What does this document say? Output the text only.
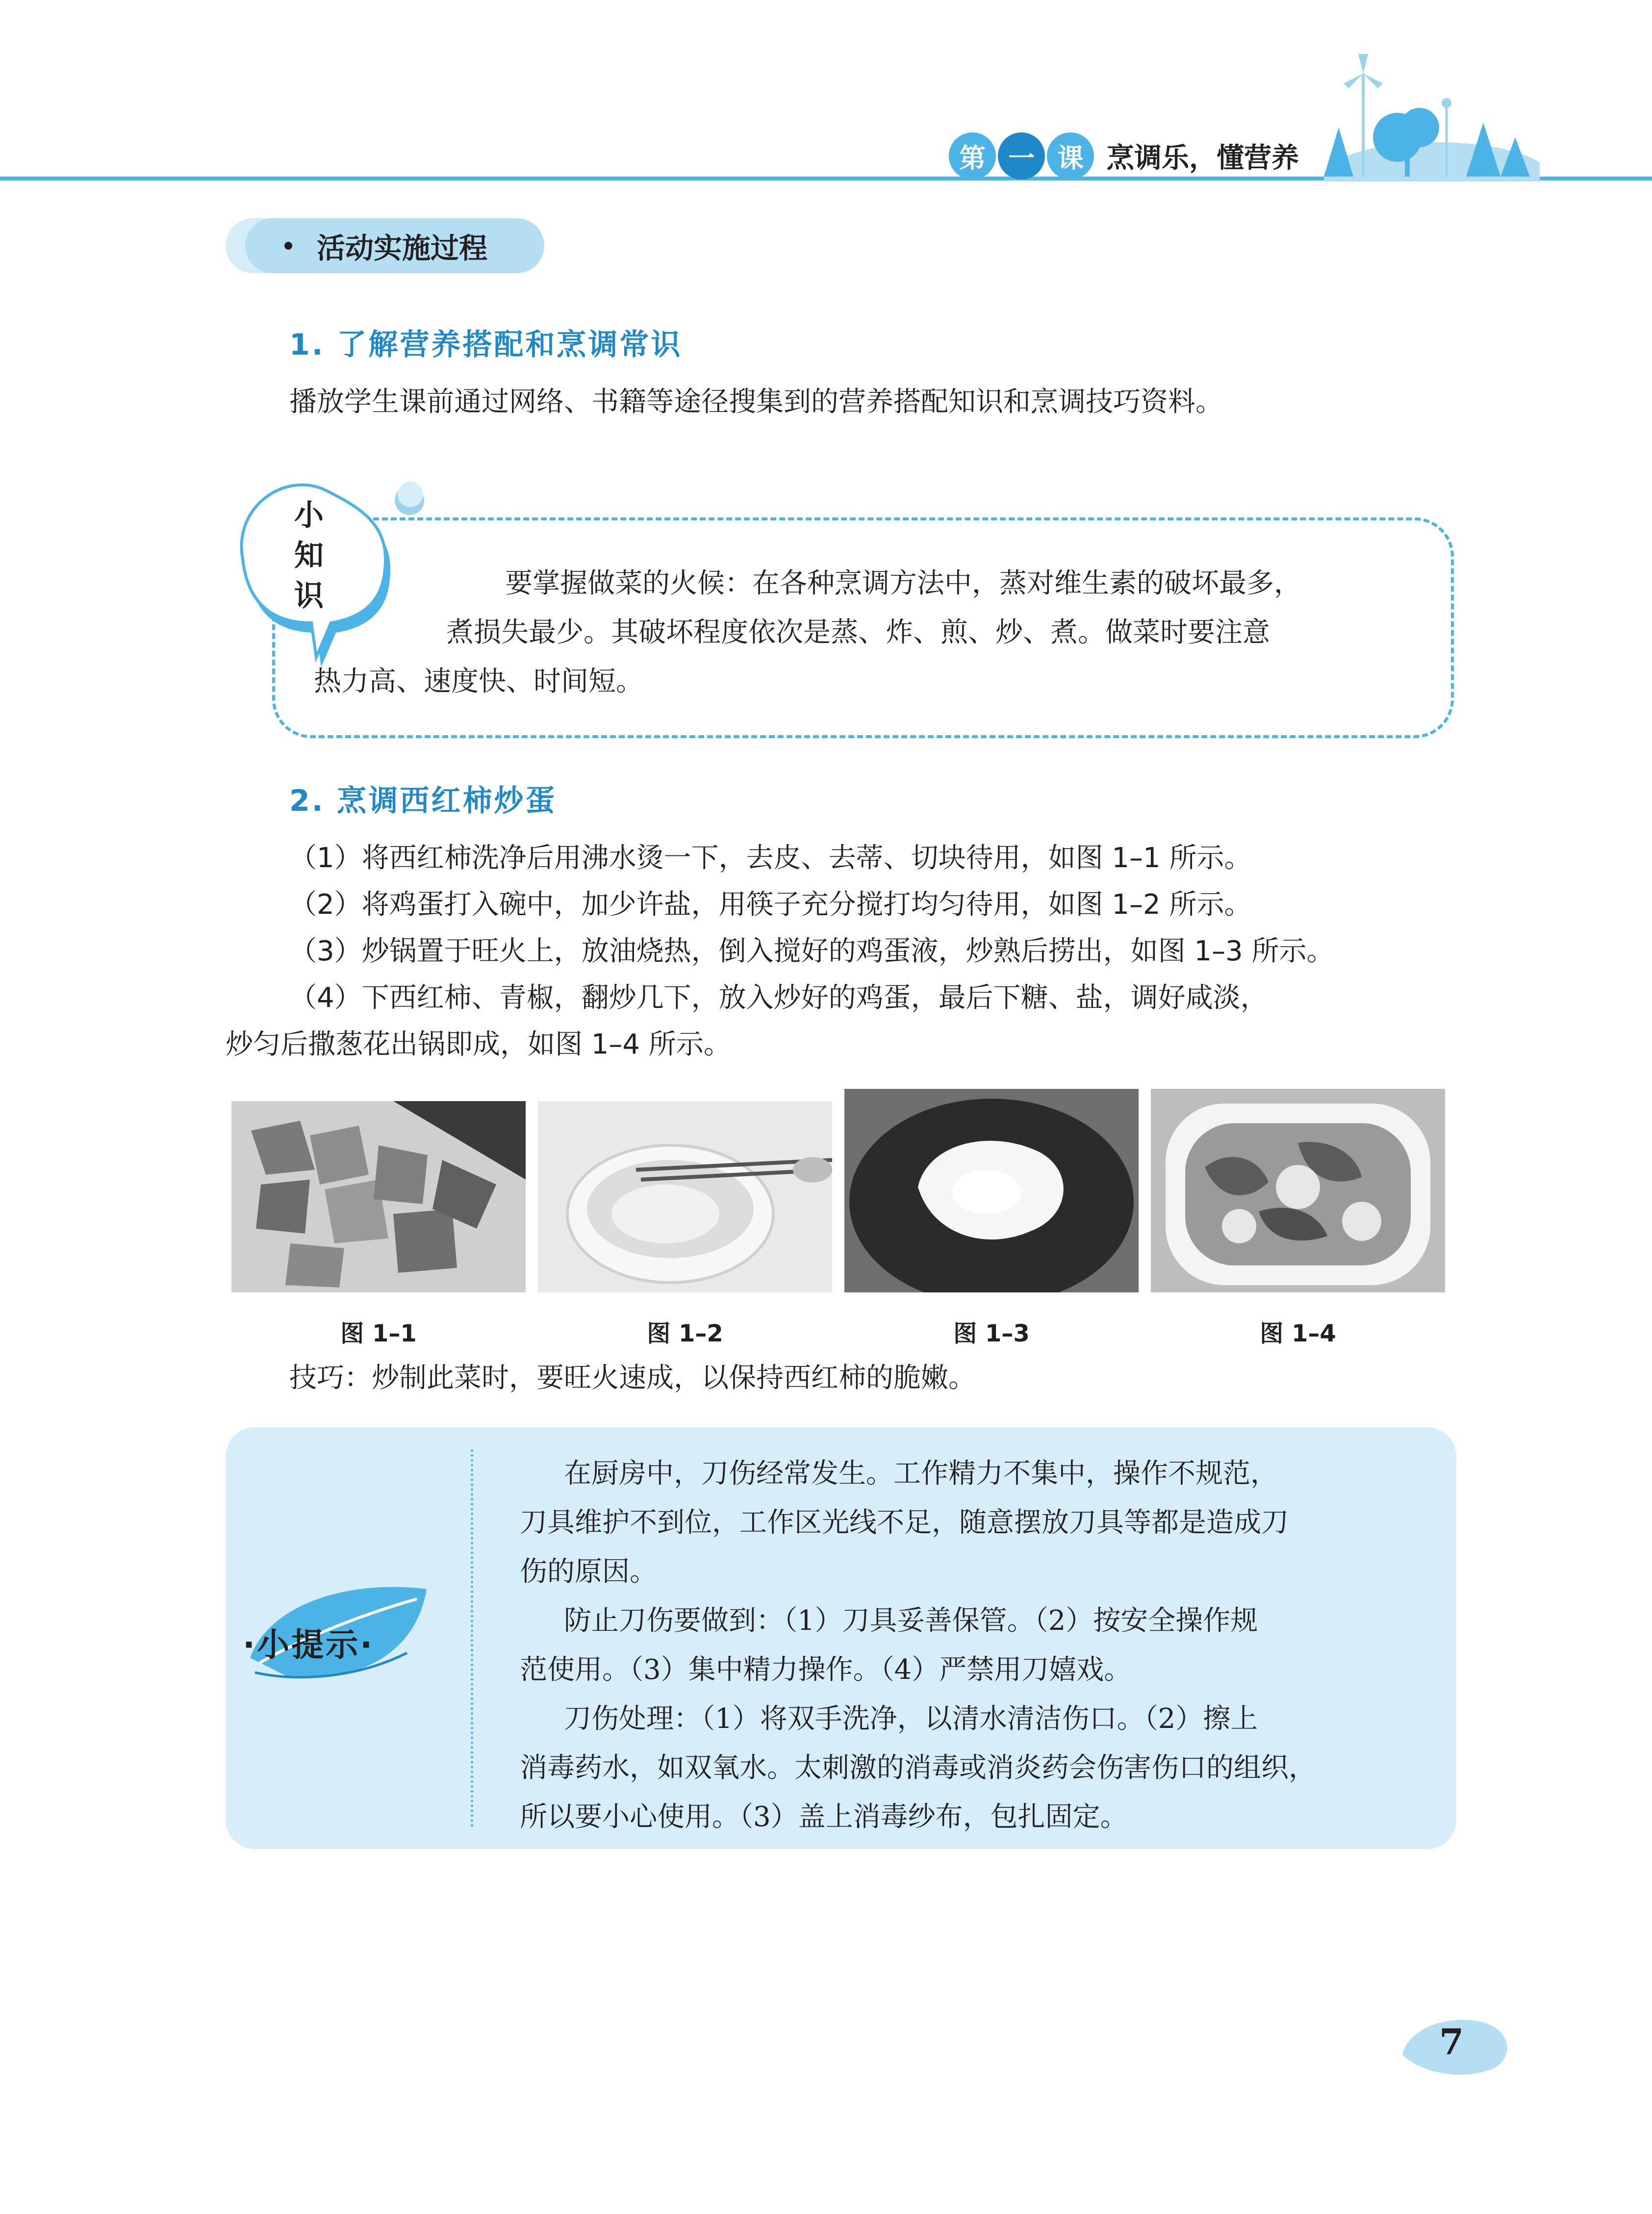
第 一 课 烹调乐，懂营养
活动实施过程
1. 了解营养搭配和烹调常识
播放学生课前通过网络、书籍等途径搜集到的营养搭配知识和烹调技巧资料。
小
知
识	要掌握做菜的火候：在各种烹调方法中，蒸对维生素的破坏最多，
煮损失最少。其破坏程度依次是蒸、炸、煎、炒、煮。做菜时要注意
热力高、速度快、时间短。
2. 烹调西红柿炒蛋
（1）将西红柿洗净后用沸水烫一下，去皮、去蒂、切块待用，如图 1–1 所示。
（2）将鸡蛋打入碗中，加少许盐，用筷子充分搅打均匀待用，如图 1–2 所示。
（3）炒锅置于旺火上，放油烧热，倒入搅好的鸡蛋液，炒熟后捞出，如图 1–3 所示。
（4）下西红柿、青椒，翻炒几下，放入炒好的鸡蛋，最后下糖、盐，调好咸淡，
炒匀后撒葱花出锅即成，如图 1–4 所示。
图 1–1	图 1–2	图 1–3	图 1–4
技巧：炒制此菜时，要旺火速成，以保持西红柿的脆嫩。
·小提示·
在厨房中，刀伤经常发生。工作精力不集中，操作不规范，
刀具维护不到位，工作区光线不足，随意摆放刀具等都是造成刀
伤的原因。
防止刀伤要做到：（1）刀具妥善保管。（2）按安全操作规
范使用。（3）集中精力操作。（4）严禁用刀嬉戏。
刀伤处理：（1）将双手洗净，以清水清洁伤口。（2）擦上
消毒药水，如双氧水。太刺激的消毒或消炎药会伤害伤口的组织，
所以要小心使用。（3）盖上消毒纱布，包扎固定。
7
